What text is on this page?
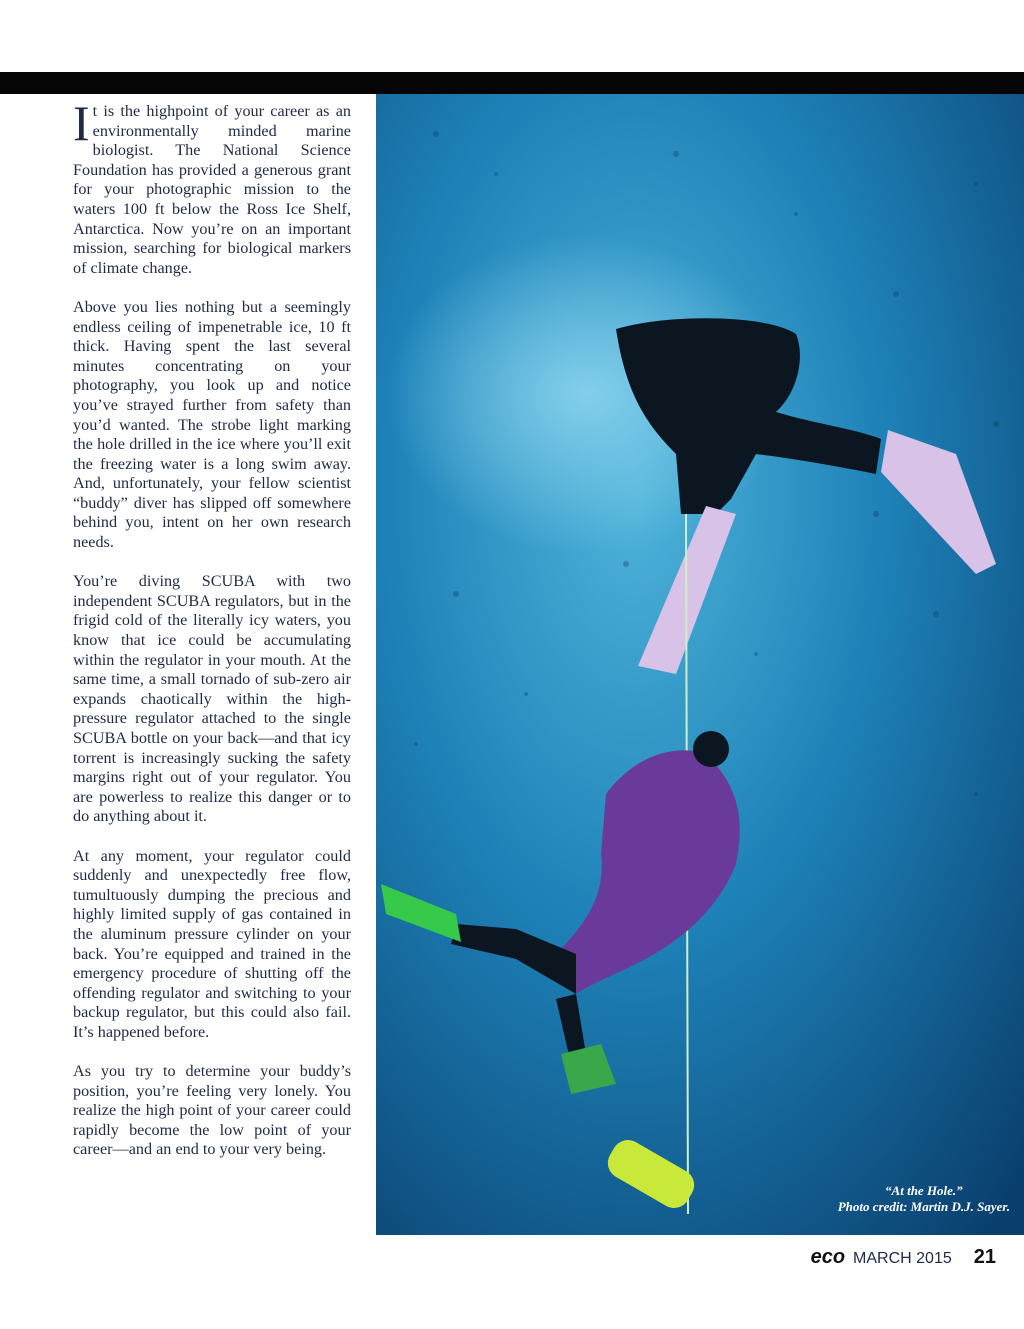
It is the highpoint of your career as an environmentally minded marine biologist. The National Science Foundation has provided a generous grant for your photographic mission to the waters 100 ft below the Ross Ice Shelf, Antarctica. Now you’re on an important mission, searching for biological markers of climate change.

Above you lies nothing but a seemingly endless ceiling of impenetrable ice, 10 ft thick. Having spent the last several minutes concentrating on your photography, you look up and notice you’ve strayed further from safety than you’d wanted. The strobe light marking the hole drilled in the ice where you’ll exit the freezing water is a long swim away. And, unfortunately, your fellow scientist “buddy” diver has slipped off somewhere behind you, intent on her own research needs.

You’re diving SCUBA with two independent SCUBA regulators, but in the frigid cold of the literally icy waters, you know that ice could be accumulating within the regulator in your mouth. At the same time, a small tornado of sub-zero air expands chaotically within the high-pressure regulator attached to the single SCUBA bottle on your back—and that icy torrent is increasingly sucking the safety margins right out of your regulator. You are powerless to realize this danger or to do anything about it.

At any moment, your regulator could suddenly and unexpectedly free flow, tumultuously dumping the precious and highly limited supply of gas contained in the aluminum pressure cylinder on your back. You’re equipped and trained in the emergency procedure of shutting off the offending regulator and switching to your backup regulator, but this could also fail. It’s happened before.

As you try to determine your buddy’s position, you’re feeling very lonely. You realize the high point of your career could rapidly become the low point of your career—and an end to your very being.

“At the Hole.”
Photo credit: Martin D.J. Sayer.
eco MARCH 2015 21
